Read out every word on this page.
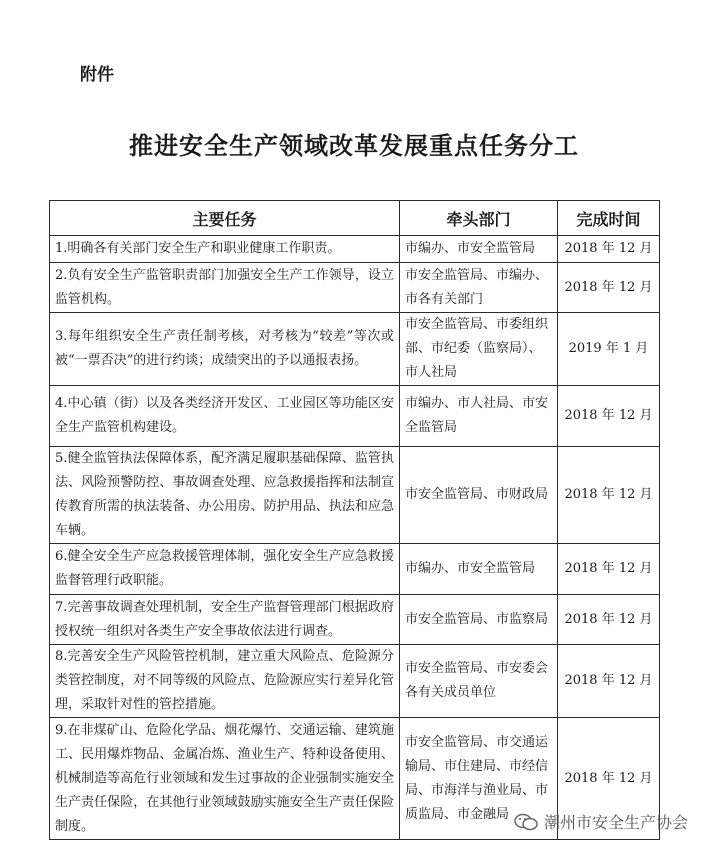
附件
推进安全生产领域改革发展重点任务分工
主要任务	牵头部门	完成时间
1.明确各有关部门安全生产和职业健康工作职责。	市编办、市安全监管局	2018 年 12 月
2.负有安全生产监管职责部门加强安全生产工作领导，设立监管机构。	市安全监管局、市编办、市各有关部门	2018 年 12 月
3.每年组织安全生产责任制考核，对考核为“较差”等次或被“一票否决”的进行约谈；成绩突出的予以通报表扬。	市安全监管局、市委组织部、市纪委（监察局）、市人社局	2019 年 1 月
4.中心镇（街）以及各类经济开发区、工业园区等功能区安全生产监管机构建设。	市编办、市人社局、市安全监管局	2018 年 12 月
5.健全监管执法保障体系，配齐满足履职基础保障、监管执法、风险预警防控、事故调查处理、应急救援指挥和法制宣传教育所需的执法装备、办公用房、防护用品、执法和应急车辆。	市安全监管局、市财政局	2018 年 12 月
6.健全安全生产应急救援管理体制，强化安全生产应急救援监督管理行政职能。	市编办、市安全监管局	2018 年 12 月
7.完善事故调查处理机制，安全生产监督管理部门根据政府授权统一组织对各类生产安全事故依法进行调查。	市安全监管局、市监察局	2018 年 12 月
8.完善安全生产风险管控机制，建立重大风险点、危险源分类管控制度，对不同等级的风险点、危险源应实行差异化管理，采取针对性的管控措施。	市安全监管局、市安委会各有关成员单位	2018 年 12 月
9.在非煤矿山、危险化学品、烟花爆竹、交通运输、建筑施工、民用爆炸物品、金属冶炼、渔业生产、特种设备使用、机械制造等高危行业领域和发生过事故的企业强制实施安全生产责任保险，在其他行业领域鼓励实施安全生产责任保险制度。	市安全监管局、市交通运输局、市住建局、市经信局、市海洋与渔业局、市质监局、市金融局	2018 年 12 月
潮州市安全生产协会
